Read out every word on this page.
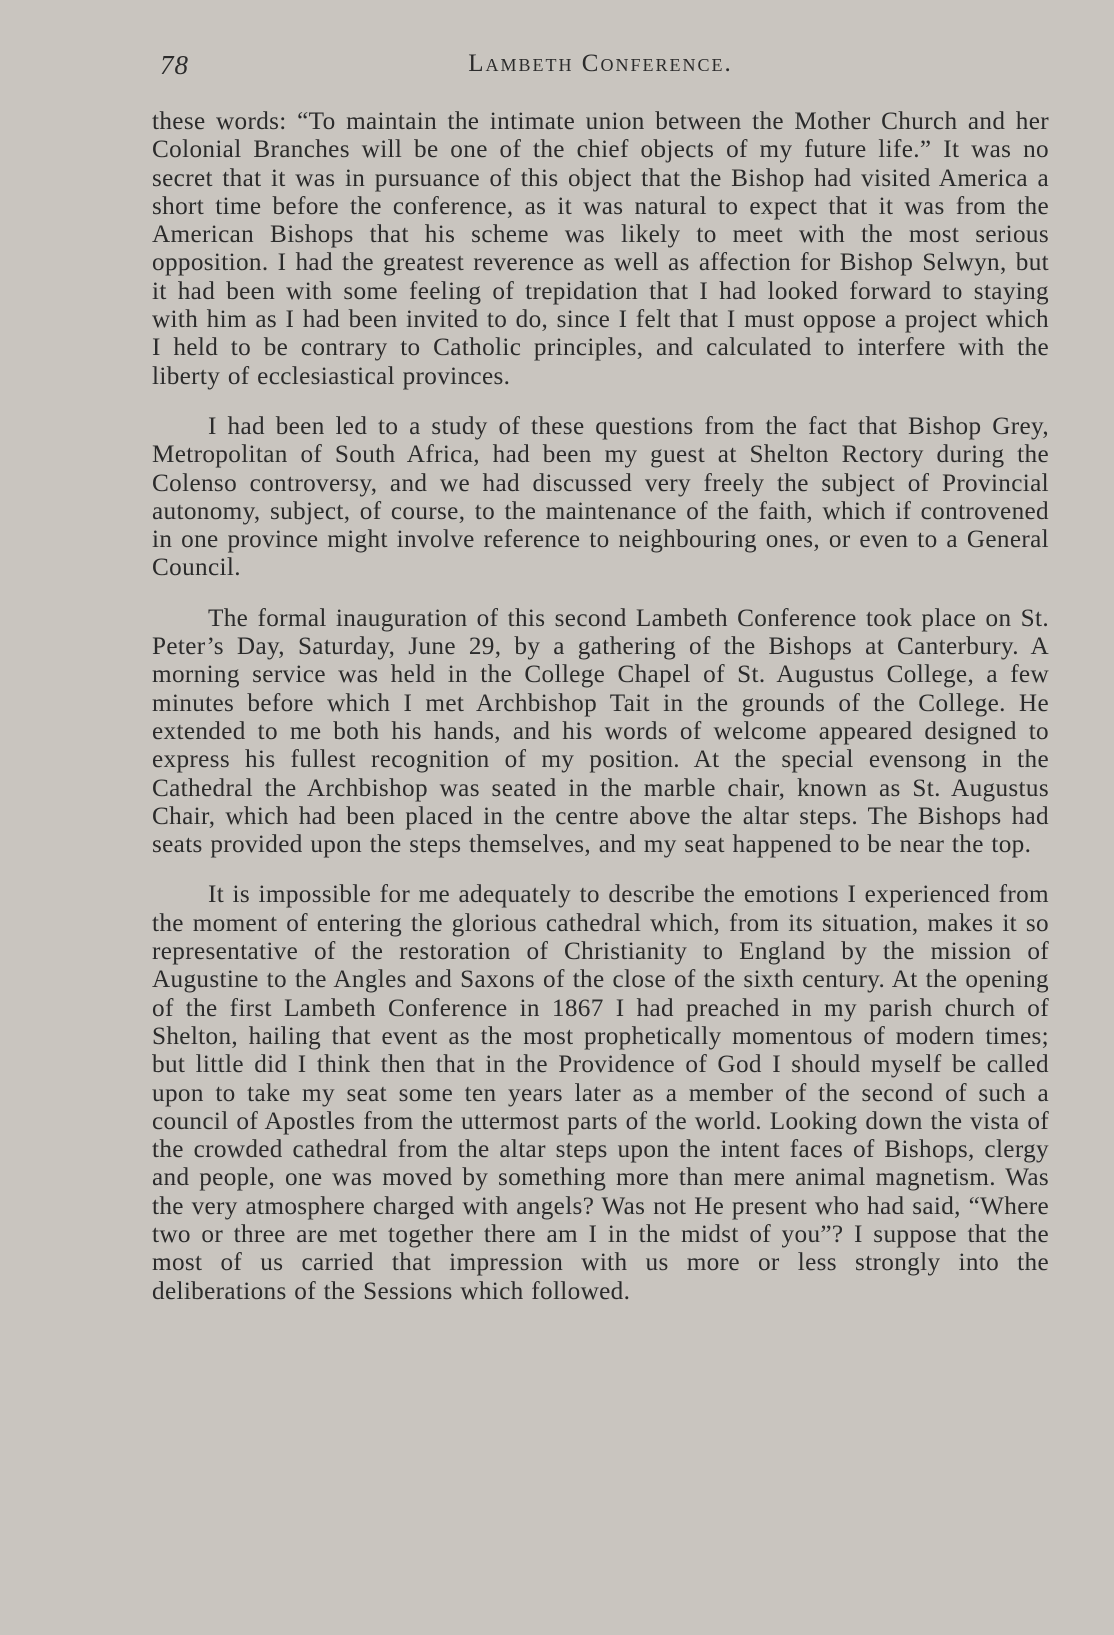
78	Lambeth Conference.

these words: “To maintain the intimate union between the Mother Church and her Colonial Branches will be one of the chief objects of my future life.” It was no secret that it was in pursuance of this object that the Bishop had visited America a short time before the conference, as it was natural to expect that it was from the American Bishops that his scheme was likely to meet with the most serious opposition. I had the greatest reverence as well as affection for Bishop Selwyn, but it had been with some feeling of trepidation that I had looked forward to staying with him as I had been invited to do, since I felt that I must oppose a project which I held to be contrary to Catholic principles, and calculated to interfere with the liberty of ecclesiastical provinces.

I had been led to a study of these questions from the fact that Bishop Grey, Metropolitan of South Africa, had been my guest at Shelton Rectory during the Colenso controversy, and we had discussed very freely the subject of Provincial autonomy, subject, of course, to the maintenance of the faith, which if controvened in one province might involve reference to neighbouring ones, or even to a General Council.

The formal inauguration of this second Lambeth Conference took place on St. Peter’s Day, Saturday, June 29, by a gathering of the Bishops at Canterbury. A morning service was held in the College Chapel of St. Augustus College, a few minutes before which I met Archbishop Tait in the grounds of the College. He extended to me both his hands, and his words of welcome appeared designed to express his fullest recognition of my position. At the special evensong in the Cathedral the Archbishop was seated in the marble chair, known as St. Augustus Chair, which had been placed in the centre above the altar steps. The Bishops had seats provided upon the steps themselves, and my seat happened to be near the top.

It is impossible for me adequately to describe the emotions I experienced from the moment of entering the glorious cathedral which, from its situation, makes it so representative of the restoration of Christianity to England by the mission of Augustine to the Angles and Saxons of the close of the sixth century. At the opening of the first Lambeth Conference in 1867 I had preached in my parish church of Shelton, hailing that event as the most prophetically momentous of modern times; but little did I think then that in the Providence of God I should myself be called upon to take my seat some ten years later as a member of the second of such a council of Apostles from the uttermost parts of the world. Looking down the vista of the crowded cathedral from the altar steps upon the intent faces of Bishops, clergy and people, one was moved by something more than mere animal magnetism. Was the very atmosphere charged with angels? Was not He present who had said, “Where two or three are met together there am I in the midst of you”? I suppose that the most of us carried that impression with us more or less strongly into the deliberations of the Sessions which followed.
